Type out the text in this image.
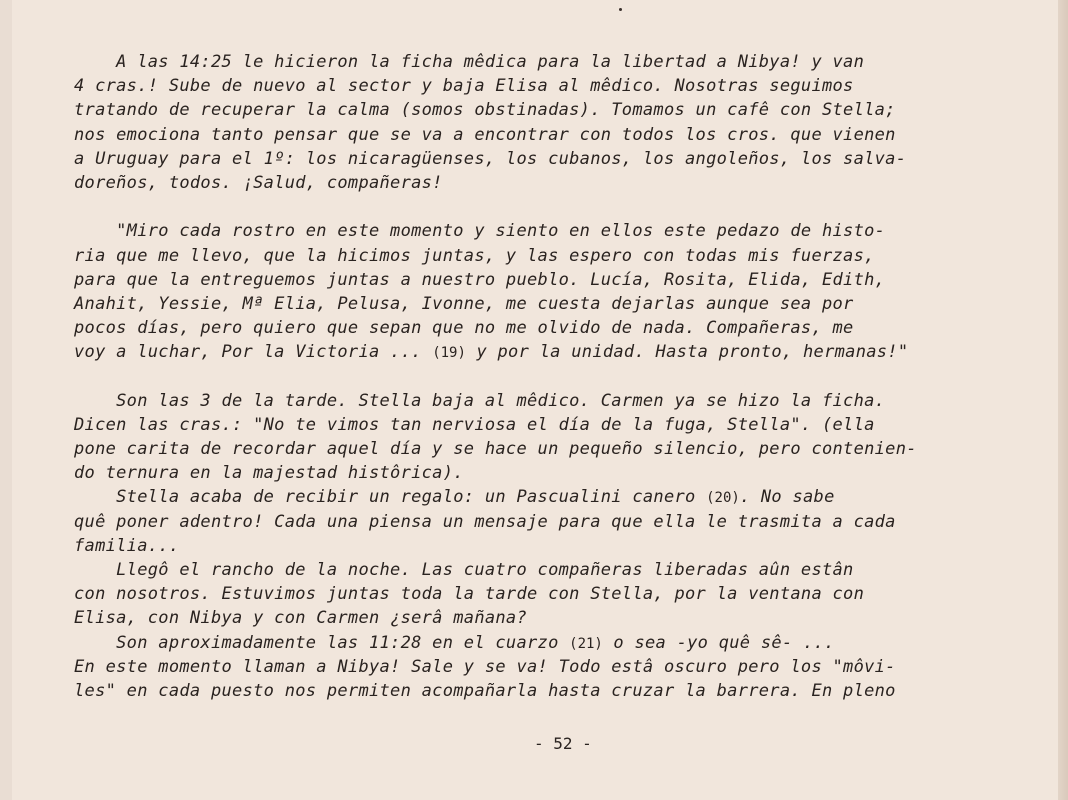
A las 14:25 le hicieron la ficha mêdica para la libertad a Nibya! y van
4 cras.! Sube de nuevo al sector y baja Elisa al mêdico. Nosotras seguimos
tratando de recuperar la calma (somos obstinadas). Tomamos un cafê con Stella;
nos emociona tanto pensar que se va a encontrar con todos los cros. que vienen
a Uruguay para el 1º: los nicaragüenses, los cubanos, los angoleños, los salva-
doreños, todos. ¡Salud, compañeras!
"Miro cada rostro en este momento y siento en ellos este pedazo de histo-
ria que me llevo, que la hicimos juntas, y las espero con todas mis fuerzas,
para que la entreguemos juntas a nuestro pueblo. Lucía, Rosita, Elida, Edith,
Anahit, Yessie, Mª Elia, Pelusa, Ivonne, me cuesta dejarlas aunque sea por
pocos días, pero quiero que sepan que no me olvido de nada. Compañeras, me
voy a luchar, Por la Victoria ... (19) y por la unidad. Hasta pronto, hermanas!"
Son las 3 de la tarde. Stella baja al mêdico. Carmen ya se hizo la ficha.
Dicen las cras.: "No te vimos tan nerviosa el día de la fuga, Stella". (ella
pone carita de recordar aquel día y se hace un pequeño silencio, pero contenien-
do ternura en la majestad histôrica).
Stella acaba de recibir un regalo: un Pascualini canero (20). No sabe
quê poner adentro! Cada una piensa un mensaje para que ella le trasmita a cada
familia...
Llegô el rancho de la noche. Las cuatro compañeras liberadas aûn estân
con nosotros. Estuvimos juntas toda la tarde con Stella, por la ventana con
Elisa, con Nibya y con Carmen ¿serâ mañana?
Son aproximadamente las 11:28 en el cuarzo (21) o sea -yo quê sê- ...
En este momento llaman a Nibya! Sale y se va! Todo estâ oscuro pero los "môvi-
les" en cada puesto nos permiten acompañarla hasta cruzar la barrera. En pleno
- 52 -
